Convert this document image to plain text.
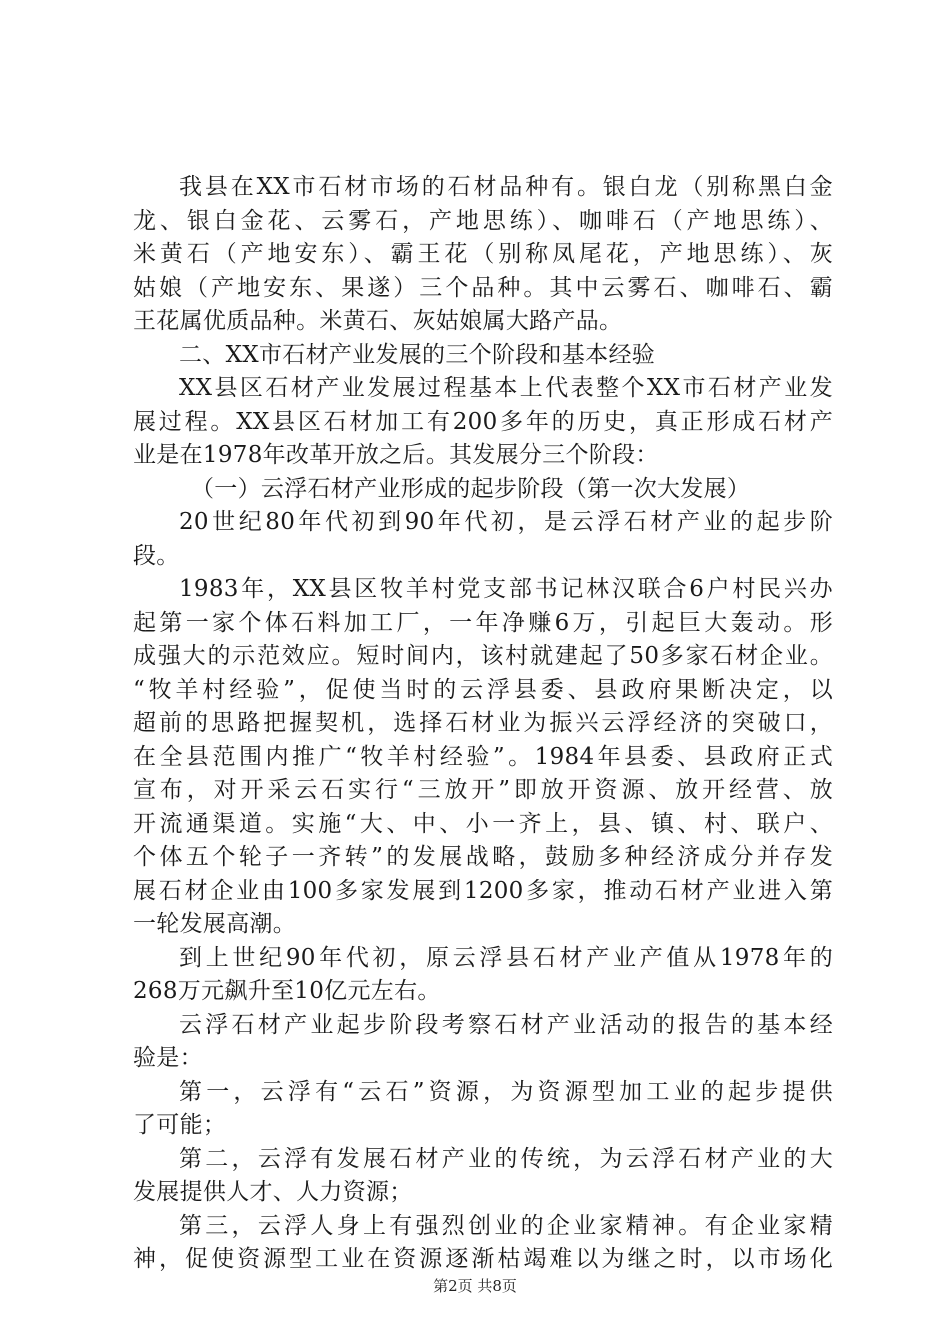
我县在XX市石材市场的石材品种有。银白龙（别称黑白金
龙、银白金花、云雾石，产地思练）、咖啡石（产地思练）、
米黄石（产地安东）、霸王花（别称凤尾花，产地思练）、灰
姑娘（产地安东、果遂）三个品种。其中云雾石、咖啡石、霸
王花属优质品种。米黄石、灰姑娘属大路产品。
二、XX市石材产业发展的三个阶段和基本经验
XX县区石材产业发展过程基本上代表整个XX市石材产业发
展过程。XX县区石材加工有200多年的历史，真正形成石材产
业是在1978年改革开放之后。其发展分三个阶段：
（一）云浮石材产业形成的起步阶段（第一次大发展）
20世纪80年代初到90年代初，是云浮石材产业的起步阶
段。
1983年，XX县区牧羊村党支部书记林汉联合6户村民兴办
起第一家个体石料加工厂，一年净赚6万，引起巨大轰动。形
成强大的示范效应。短时间内，该村就建起了50多家石材企业。
“牧羊村经验”，促使当时的云浮县委、县政府果断决定，以
超前的思路把握契机，选择石材业为振兴云浮经济的突破口，
在全县范围内推广“牧羊村经验”。1984年县委、县政府正式
宣布，对开采云石实行“三放开”即放开资源、放开经营、放
开流通渠道。实施“大、中、小一齐上，县、镇、村、联户、
个体五个轮子一齐转”的发展战略，鼓励多种经济成分并存发
展石材企业由100多家发展到1200多家，推动石材产业进入第
一轮发展高潮。
到上世纪90年代初，原云浮县石材产业产值从1978年的
268万元飙升至10亿元左右。
云浮石材产业起步阶段考察石材产业活动的报告的基本经
验是：
第一，云浮有“云石”资源，为资源型加工业的起步提供
了可能；
第二，云浮有发展石材产业的传统，为云浮石材产业的大
发展提供人才、人力资源；
第三，云浮人身上有强烈创业的企业家精神。有企业家精
神，促使资源型工业在资源逐渐枯竭难以为继之时，以市场化
第2页 共8页
